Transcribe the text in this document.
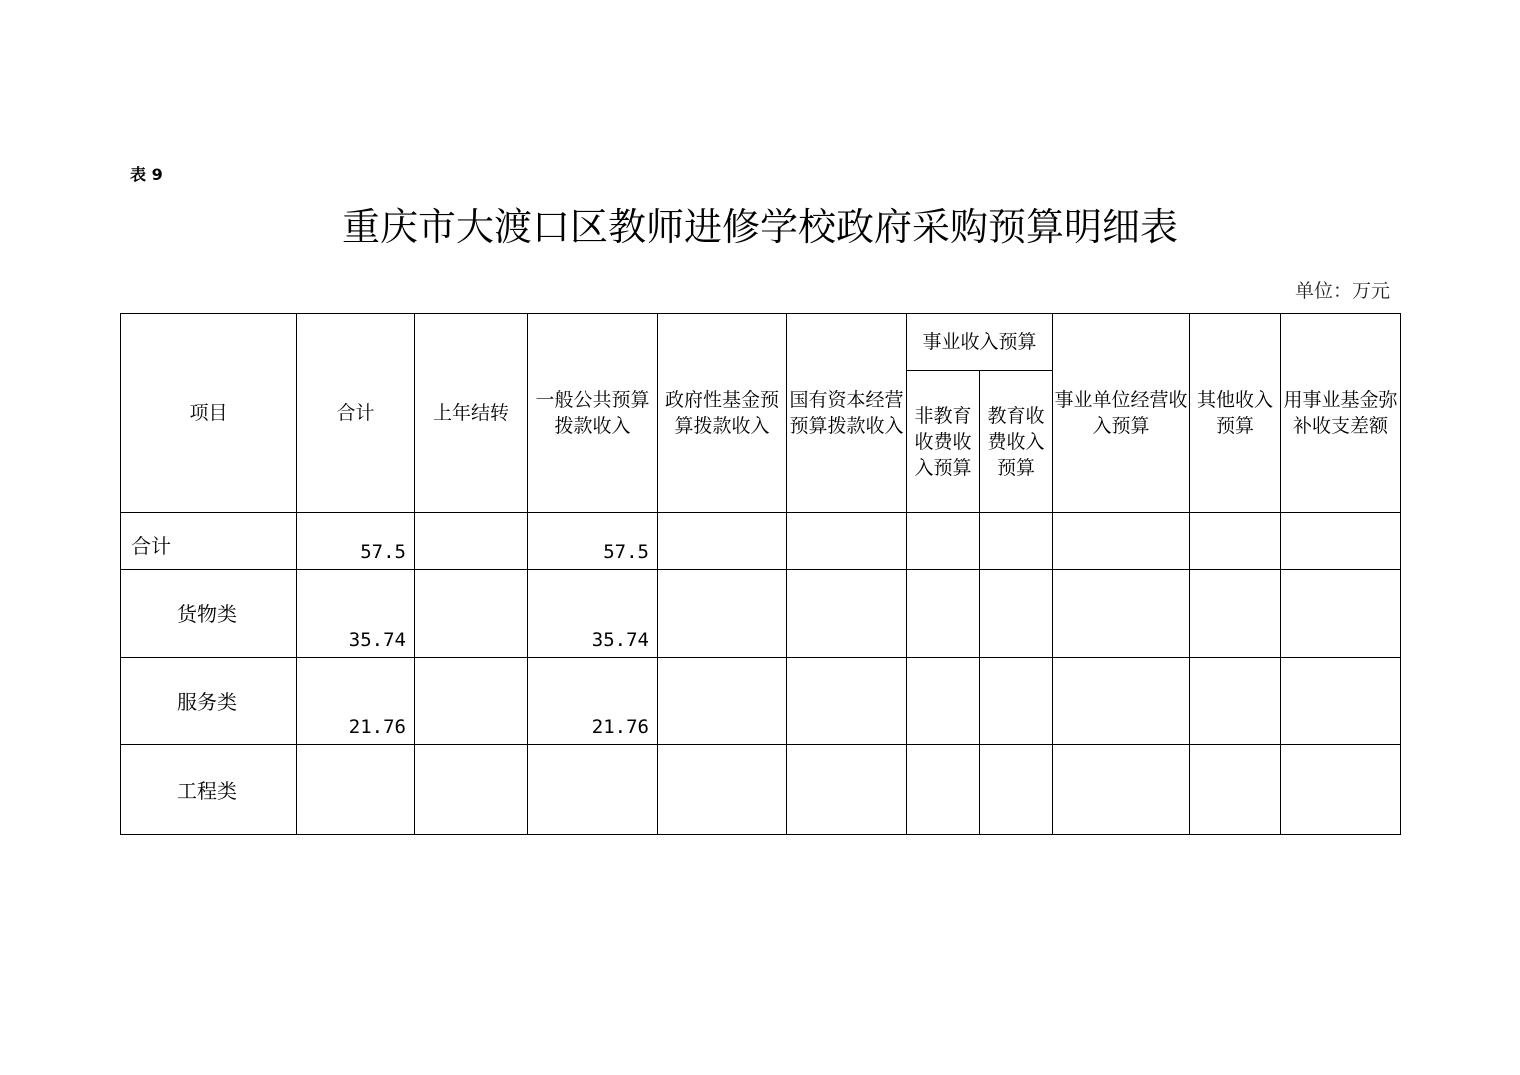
表 9
重庆市大渡口区教师进修学校政府采购预算明细表
单位：万元
项目	合计	上年结转	一般公共预算拨款收入	政府性基金预算拨款收入	国有资本经营预算拨款收入	事业收入预算		事业单位经营收入预算	其他收入预算	用事业基金弥补收支差额
						非教育收费收入预算	教育收费收入预算			

合计	57.5		57.5							

货物类	35.74		35.74							

服务类	21.76		21.76							

工程类										
